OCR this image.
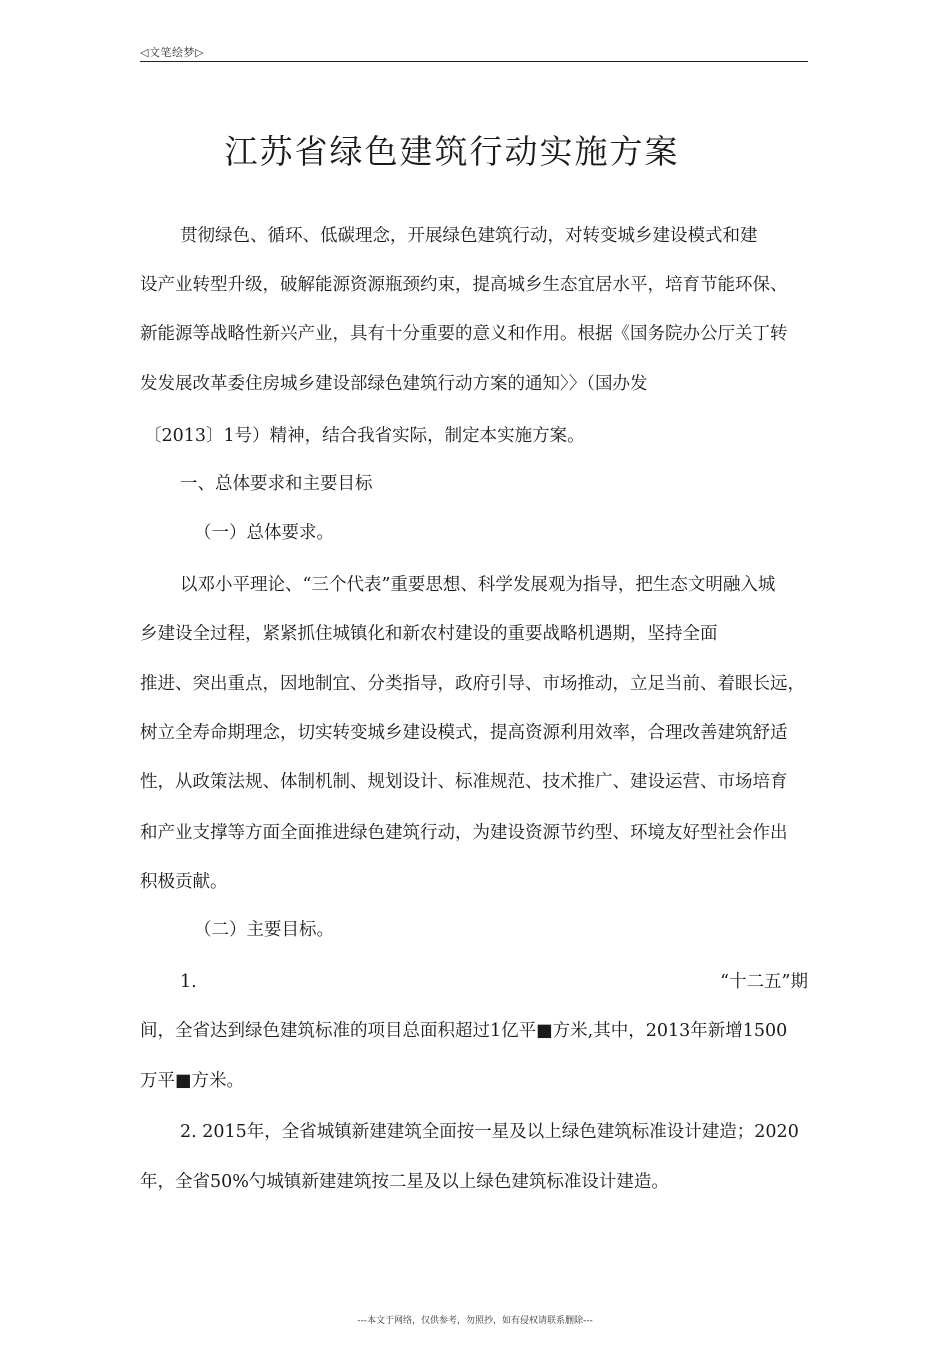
◁文笔绘梦▷
江苏省绿色建筑行动实施方案
贯彻绿色、循环、低碳理念，开展绿色建筑行动，对转变城乡建设模式和建
设产业转型升级，破解能源资源瓶颈约束，提高城乡生态宜居水平，培育节能环保、
新能源等战略性新兴产业，具有十分重要的意义和作用。根据《国务院办公厅关丁转
发发展改革委住房城乡建设部绿色建筑行动方案的通知〉〉（国办发
〔2013〕1号）精神，结合我省实际，制定本实施方案。
一、总体要求和主要目标
（一）总体要求。
以邓小平理论、“三个代表”重要思想、科学发展观为指导，把生态文明融入城
乡建设全过程，紧紧抓住城镇化和新农村建设的重要战略机遇期，坚持全面
推进、突出重点，因地制宜、分类指导，政府引导、市场推动，立足当前、着眼长远，
树立全寿命期理念，切实转变城乡建设模式，提高资源利用效率，合理改善建筑舒适
性，从政策法规、体制机制、规划设计、标准规范、技术推广、建设运营、市场培育
和产业支撑等方面全面推进绿色建筑行动，为建设资源节约型、环境友好型社会作出
积极贡献。
（二）主要目标。
1.	“十二五”期
间，全省达到绿色建筑标准的项目总面积超过1亿平■方米,其中，2013年新增1500
万平■方米。
2. 2015年，全省城镇新建建筑全面按一星及以上绿色建筑标准设计建造；2020
年，全省50%勺城镇新建建筑按二星及以上绿色建筑标准设计建造。
---本文于网络，仅供参考，勿照抄，如有侵权请联系删除---
